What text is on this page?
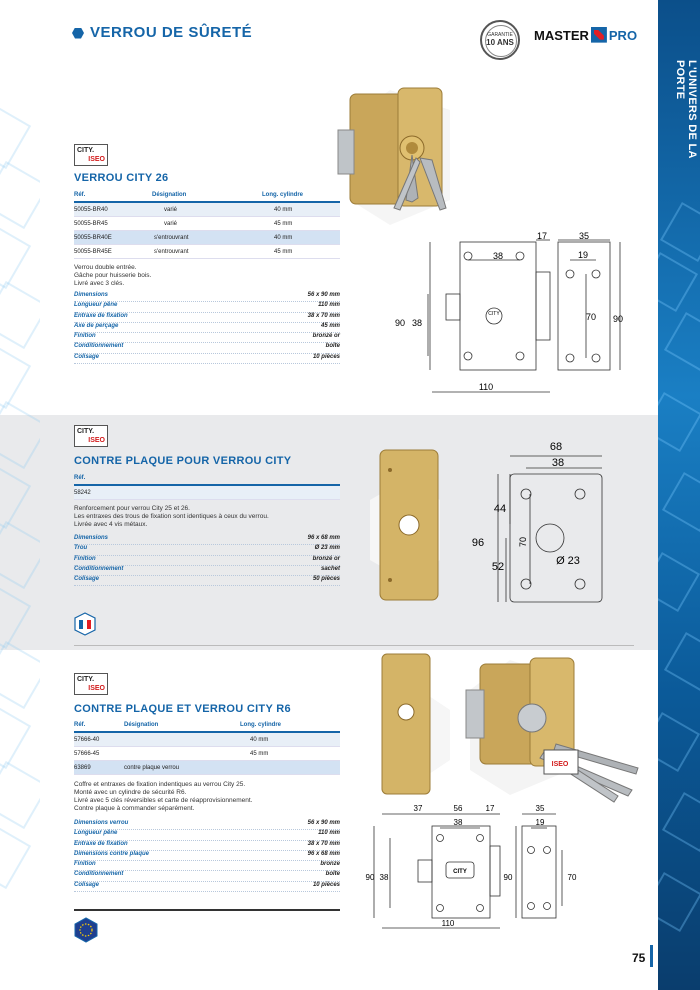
L'UNIVERS DE LA PORTE
VERROU DE SÛRETÉ	GARANTIE
10 ANS	MASTER PRO
CITY.
ISEO
VERROU CITY 26
Réf.	Désignation	Long. cylindre
50055-BR40	varié	40 mm
50055-BR45	varié	45 mm
50055-BR40E	s'entrouvrant	40 mm
50055-BR45E	s'entrouvrant	45 mm
Verrou double entrée.
Gâche pour huisserie bois.
Livré avec 3 clés.
Dimensions	56 x 90 mm
Longueur pêne	110 mm
Entraxe de fixation	38 x 70 mm
Axe de perçage	45 mm
Finition	bronzé or
Conditionnement	boîte
Colisage	10 pièces
38
17	35
19
90 38
70 90
110
CITY
CITY.
ISEO
CONTRE PLAQUE POUR VERROU CITY
Réf.
58242
Renforcement pour verrou City 25 et 26.
Les entraxes des trous de fixation sont identiques à ceux du verrou.
Livrée avec 4 vis métaux.
Dimensions	96 x 68 mm
Trou	Ø 23 mm
Finition	bronzé or
Conditionnement	sachet
Colisage	50 pièces
68
38
44
96	70
52	Ø 23
CITY.
ISEO
CONTRE PLAQUE ET VERROU CITY R6
Réf.	Désignation	Long. cylindre
57666-40		40 mm
57666-45		45 mm
63869	contre plaque verrou	
Coffre et entraxes de fixation indentiques au verrou City 25.
Monté avec un cylindre de sécurité R6.
Livré avec 5 clés réversibles et carte de réapprovisionnement.
Contre plaque à commander séparément.
Dimensions verrou	56 x 90 mm
Longueur pêne	110 mm
Entraxe de fixation	38 x 70 mm
Dimensions contre plaque	96 x 68 mm
Finition	bronze
Conditionnement	boîte
Colisage	10 pièces
ISEO
37	56	17	35
38	19
90 38	90	70
110
CITY
75
